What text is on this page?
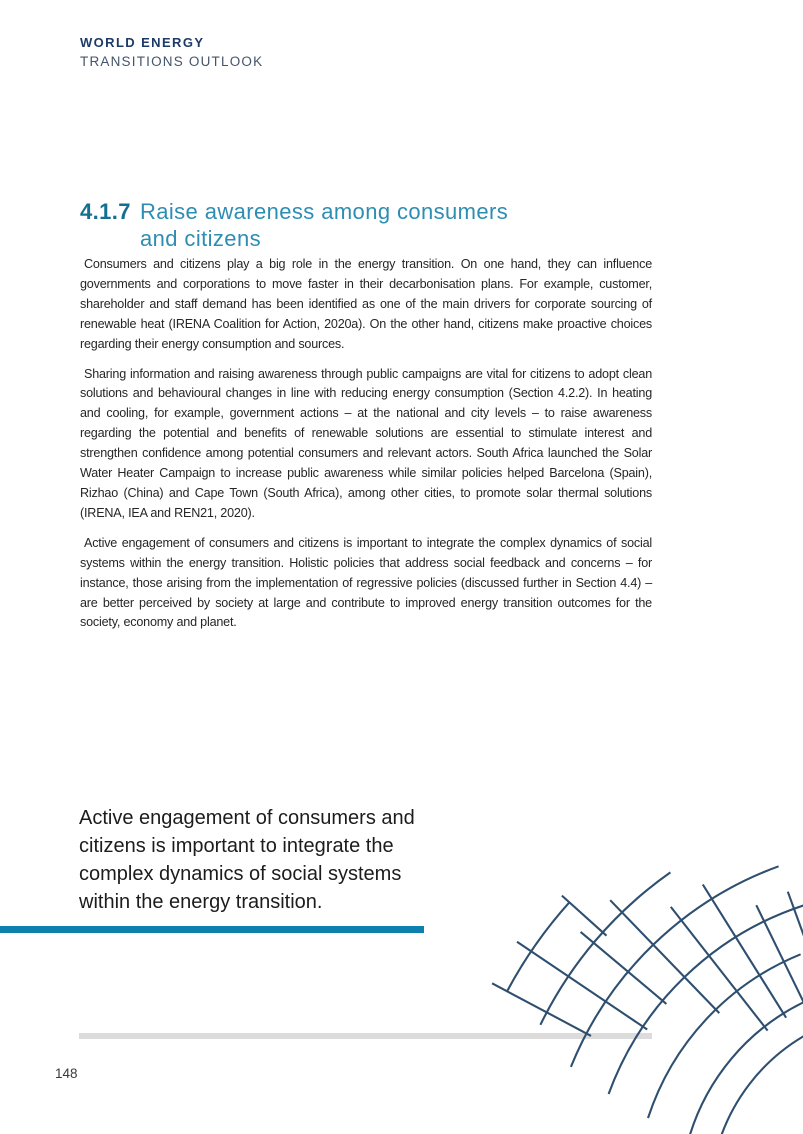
WORLD ENERGY
TRANSITIONS OUTLOOK
4.1.7 Raise awareness among consumers
and citizens

Consumers and citizens play a big role in the energy transition. On one hand, they can influence governments and corporations to move faster in their decarbonisation plans. For example, customer, shareholder and staff demand has been identified as one of the main drivers for corporate sourcing of renewable heat (IRENA Coalition for Action, 2020a). On the other hand, citizens make proactive choices regarding their energy consumption and sources.

Sharing information and raising awareness through public campaigns are vital for citizens to adopt clean solutions and behavioural changes in line with reducing energy consumption (Section 4.2.2). In heating and cooling, for example, government actions – at the national and city levels – to raise awareness regarding the potential and benefits of renewable solutions are essential to stimulate interest and strengthen confidence among potential consumers and relevant actors. South Africa launched the Solar Water Heater Campaign to increase public awareness while similar policies helped Barcelona (Spain), Rizhao (China) and Cape Town (South Africa), among other cities, to promote solar thermal solutions (IRENA, IEA and REN21, 2020).

Active engagement of consumers and citizens is important to integrate the complex dynamics of social systems within the energy transition. Holistic policies that address social feedback and concerns – for instance, those arising from the implementation of regressive policies (discussed further in Section 4.4) – are better perceived by society at large and contribute to improved energy transition outcomes for the society, economy and planet.

Active engagement of consumers and
citizens is important to integrate the
complex dynamics of social systems
within the energy transition.
148
